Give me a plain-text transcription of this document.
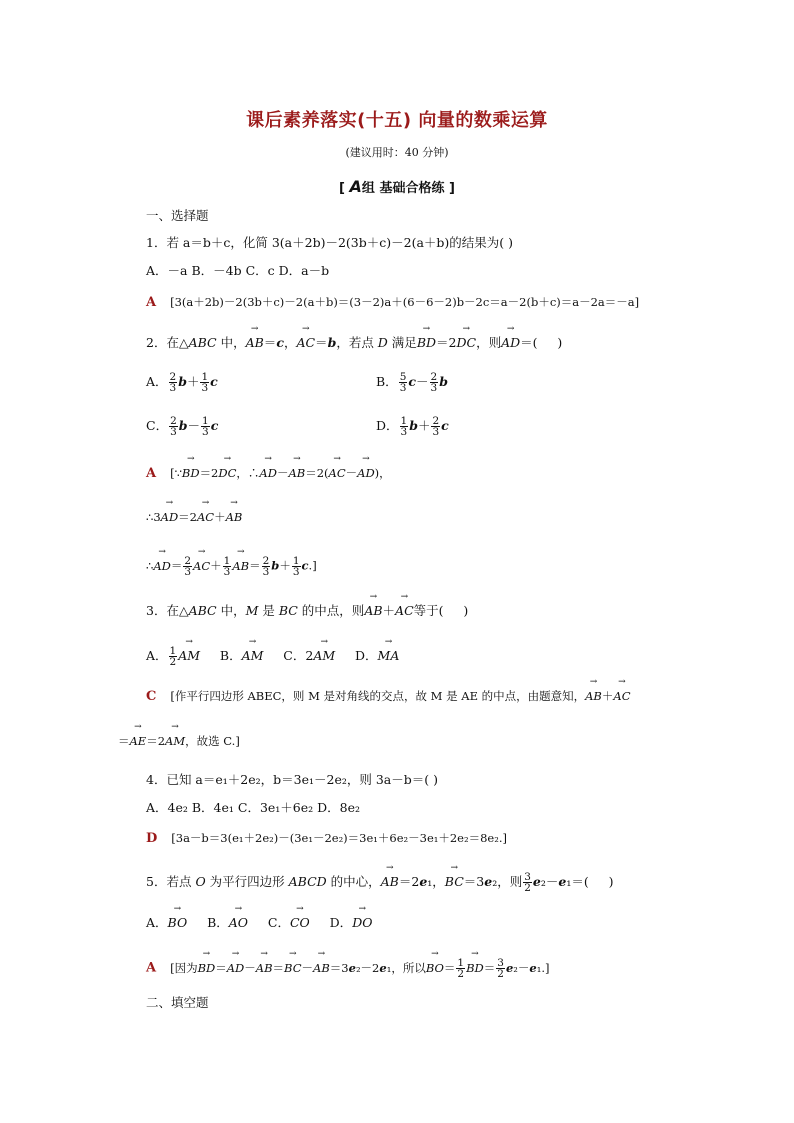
课后素养落实(十五) 向量的数乘运算
(建议用时：40 分钟)
[ A组 基础合格练 ]
一、选择题
1．若 a＝b＋c，化简 3(a＋2b)－2(3b＋c)－2(a＋b)的结果为( )
A．－a B．－4b C．c D．a－b
A [3(a＋2b)－2(3b＋c)－2(a＋b)＝(3－2)a＋(6－6－2)b－2c＝a－2(b＋c)＝a－2a＝－a]
2．在△ABC 中，→ AB＝c，→ AC＝b，若点 D 满足→ BD＝2→ DC，则→ AD＝(     )
A． $\frac{2}{3} b+ \frac{1}{3}$ c	B． $\frac{5}{3} c- \frac{2}{3}$ b
C． $\frac{2}{3} b- \frac{1}{3}$ c	D． $\frac{1}{3} b+ \frac{2}{3}$ c
A [∵→ BD＝2→ DC，∴→ AD－→ AB＝2(→ AC－→ AD)，
∴3→ AD＝2→ AC＋→ AB
∴→ $AD= \frac{2}{3}$
→ $AC+ \frac{1}{3}$
→ $AB= \frac{2}{3} b+ \frac{1}{3} c$.]
3．在△ABC 中，M 是 BC 的中点，则→ AB＋→ AC等于(     )
A． $\frac{1}{2}$
→ AM     B．→ AM     C．2→ AM     D．→ MA
C [作平行四边形 ABEC，则 M 是对角线的交点，故 M 是 AE 的中点，由题意知，→ AB＋→ AC
＝→ AE＝2→ AM，故选 C.]
4．已知 a＝e₁＋2e₂，b＝3e₁－2e₂，则 3a－b＝( )
A．4e₂ B．4e₁ C．3e₁＋6e₂ D．8e₂
D [3a－b＝3(e₁＋2e₂)－(3e₁－2e₂)＝3e₁＋6e₂－3e₁＋2e₂＝8e₂.]
5．若点 O 为平行四边形 ABCD 的中心，→ AB＝2e₁，→ BC＝3e₂，则 $\frac{3}{2} e_2-e_1=$(     )
A．→ BO     B．→ AO     C．→ CO     D．→ DO
A [因为→ BD＝→ AD－→ AB＝→ BC－→ AB＝3e₂－2e₁，所以→ $BO= \frac{1}{2}$
→ $BD= \frac{3}{2} e_2-e_1$.]
二、填空题
